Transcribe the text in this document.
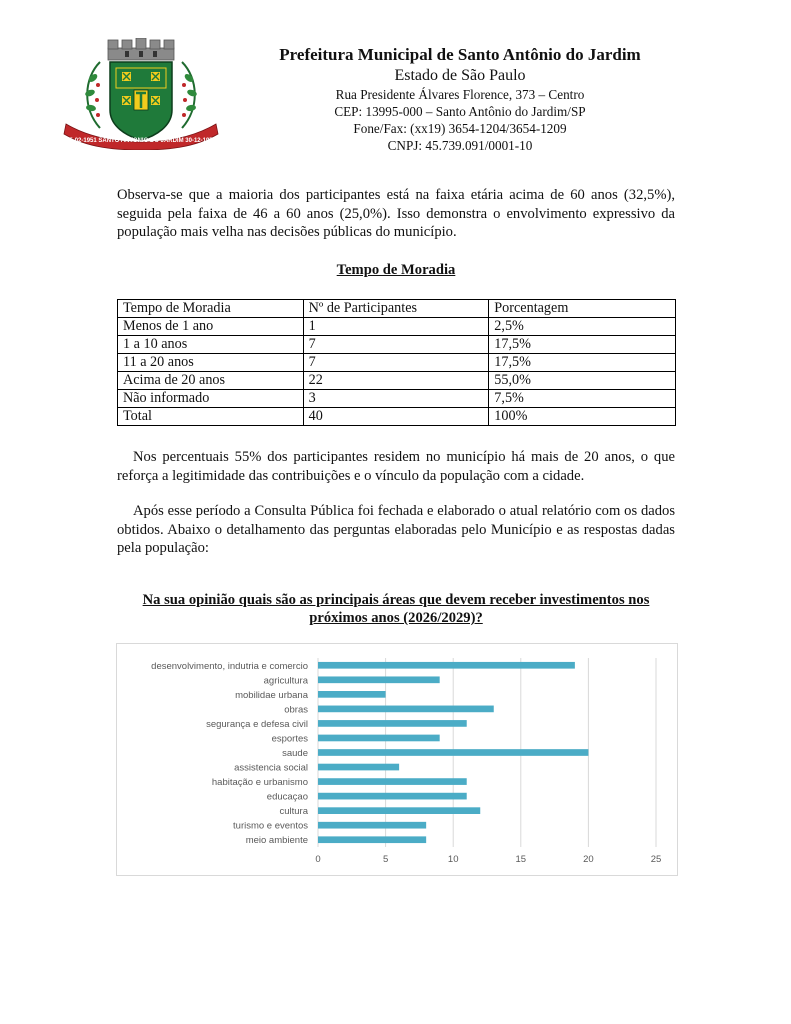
25-02-1951 SANTO ANTONIO DO JARDIM 30-12-1953
Prefeitura Municipal de Santo Antônio do Jardim
Estado de São Paulo
Rua Presidente Álvares Florence, 373 – Centro
CEP: 13995-000 – Santo Antônio do Jardim/SP
Fone/Fax: (xx19) 3654-1204/3654-1209
CNPJ: 45.739.091/0001-10

Observa-se que a maioria dos participantes está na faixa etária acima de 60 anos (32,5%), seguida pela faixa de 46 a 60 anos (25,0%). Isso demonstra o envolvimento expressivo da população mais velha nas decisões públicas do município.

Tempo de Moradia
Tempo de Moradia	Nº de Participantes	Porcentagem
Menos de 1 ano	1	2,5%
1 a 10 anos	7	17,5%
11 a 20 anos	7	17,5%
Acima de 20 anos	22	55,0%
Não informado	3	7,5%
Total	40	100%

Nos percentuais 55% dos participantes residem no município há mais de 20 anos, o que reforça a legitimidade das contribuições e o vínculo da população com a cidade.

Após esse período a Consulta Pública foi fechada e elaborado o atual relatório com os dados obtidos. Abaixo o detalhamento das perguntas elaboradas pelo Município e as respostas dadas pela população:

Na sua opinião quais são as principais áreas que devem receber investimentos nos próximos anos (2026/2029)?
0	5	10	15	20	25
desenvolvimento, indutria e comercio
agricultura
mobilidae urbana
obras
segurança e defesa civil
esportes
saude
assistencia social
habitação e urbanismo
educaçao
cultura
turismo e eventos
meio ambiente
